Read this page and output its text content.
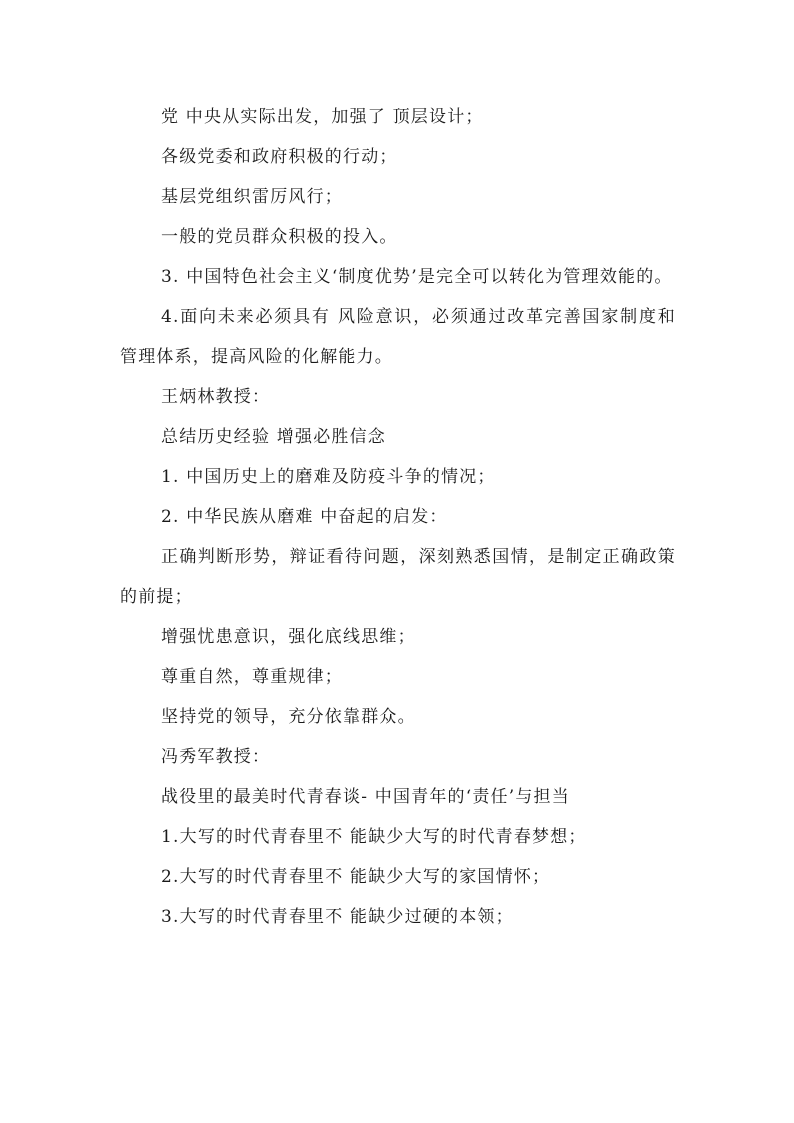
党 中央从实际出发，加强了 顶层设计；

各级党委和政府积极的行动；

基层党组织雷厉风行；

一般的党员群众积极的投入。

3. 中国特色社会主义‘制度优势’是完全可以转化为管理效能的。

4.面向未来必须具有 风险意识，必须通过改革完善国家制度和管理体系，提高风险的化解能力。

王炳林教授：

总结历史经验 增强必胜信念

1. 中国历史上的磨难及防疫斗争的情况；

2. 中华民族从磨难 中奋起的启发：

正确判断形势，辩证看待问题，深刻熟悉国情，是制定正确政策的前提；

增强忧患意识，强化底线思维；

尊重自然，尊重规律；

坚持党的领导，充分依靠群众。

冯秀军教授：

战役里的最美时代青春谈- 中国青年的‘责任’与担当

1.大写的时代青春里不 能缺少大写的时代青春梦想；

2.大写的时代青春里不 能缺少大写的家国情怀；

3.大写的时代青春里不 能缺少过硬的本领；
